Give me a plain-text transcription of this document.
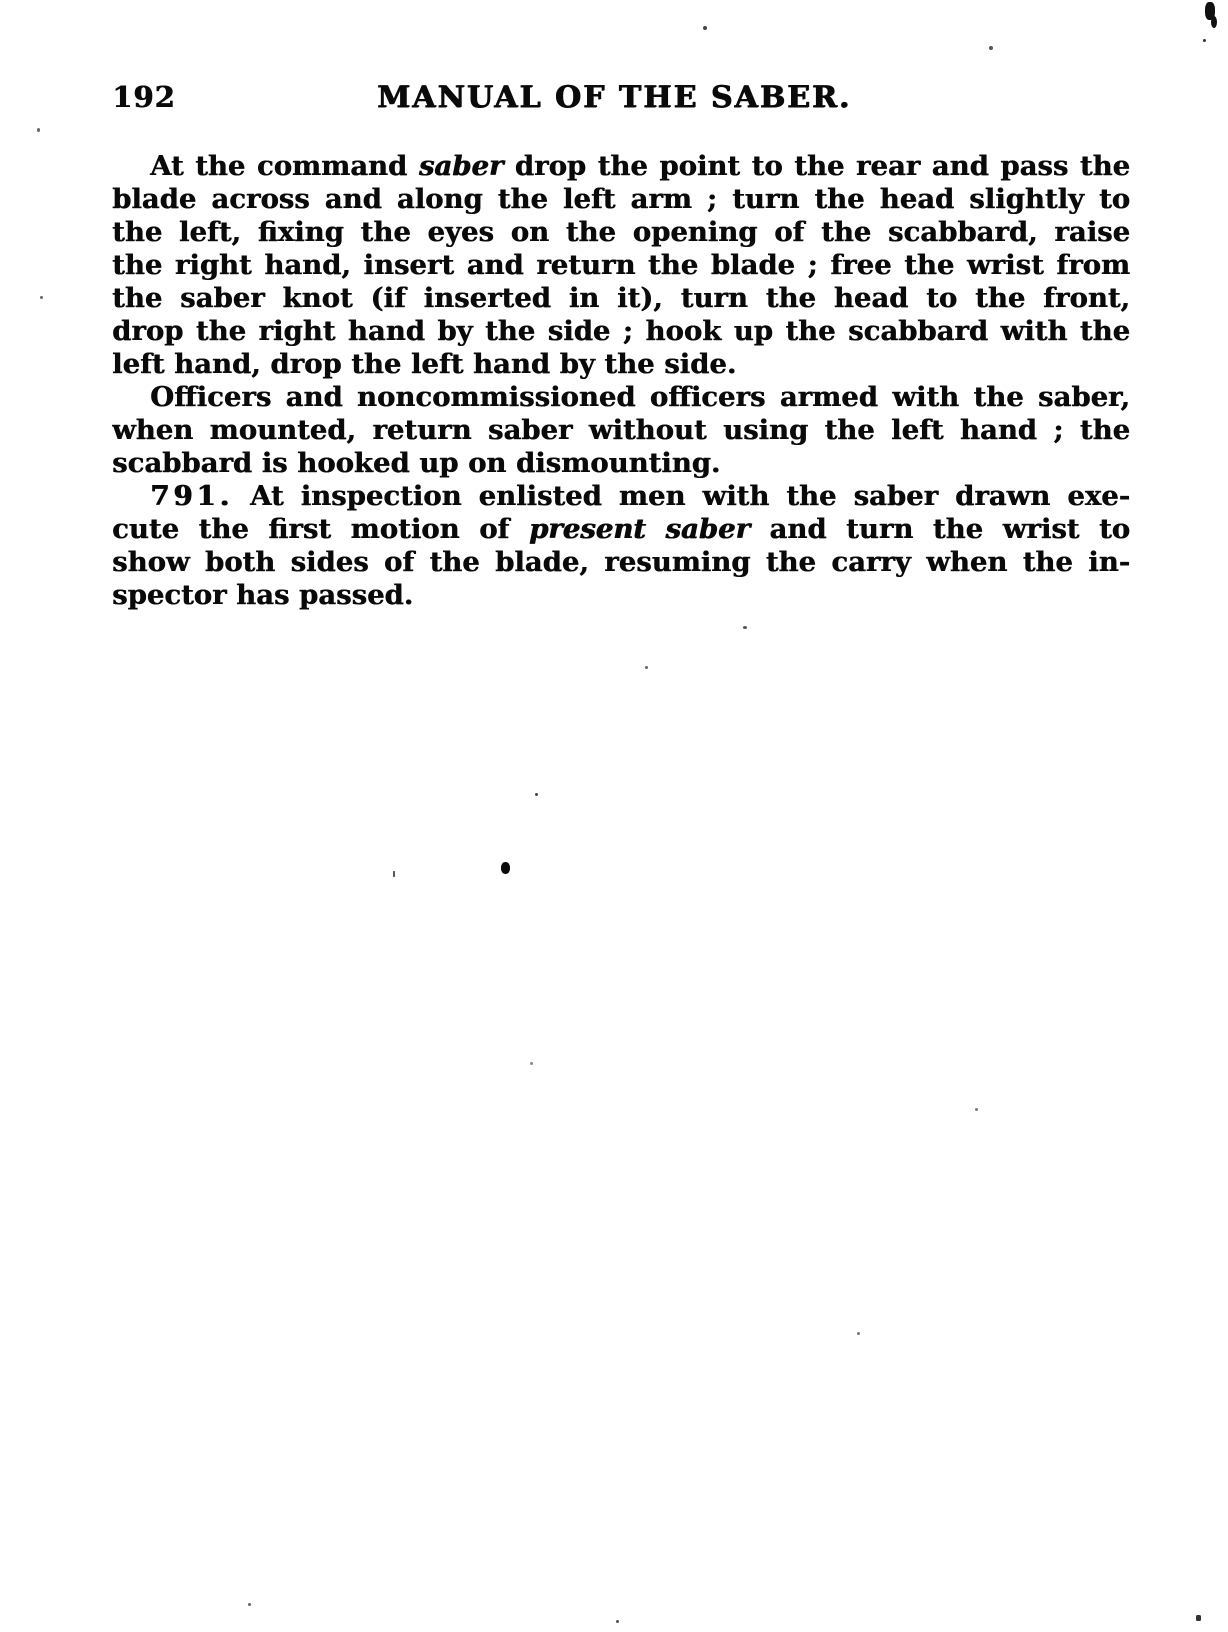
192	MANUAL OF THE SABER.
At the command saber drop the point to the rear and pass the
blade across and along the left arm ; turn the head slightly to
the left, fixing the eyes on the opening of the scabbard, raise
the right hand, insert and return the blade ; free the wrist from
the saber knot (if inserted in it), turn the head to the front,
drop the right hand by the side ; hook up the scabbard with the
left hand, drop the left hand by the side.
Officers and noncommissioned officers armed with the saber,
when mounted, return saber without using the left hand ; the
scabbard is hooked up on dismounting.
791. At inspection enlisted men with the saber drawn exe-
cute the first motion of present saber and turn the wrist to
show both sides of the blade, resuming the carry when the in-
spector has passed.
